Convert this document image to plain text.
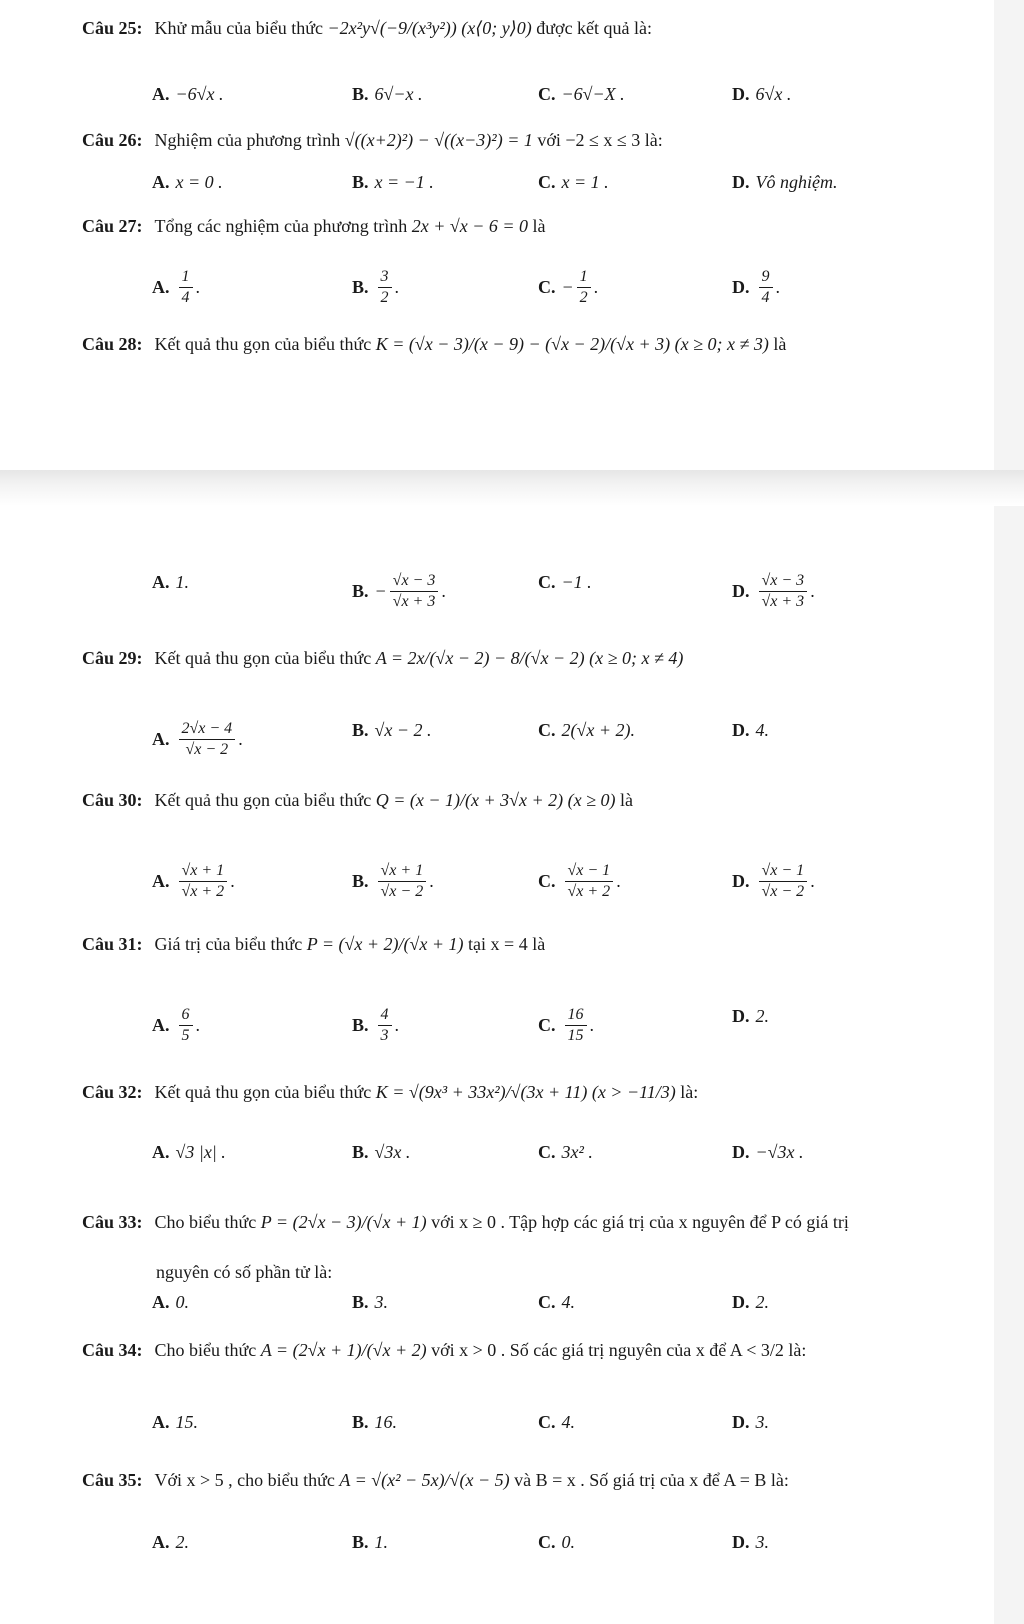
Câu 25: Khử mẫu của biểu thức −2x²y√(−9/(x³y²)) (x⟨0; y⟩0) được kết quả là:
A. −6√x .	B. 6√−x .	C. −6√−X .	D. 6√x .
Câu 26: Nghiệm của phương trình √((x+2)²) − √((x−3)²) = 1 với −2 ≤ x ≤ 3 là:
A. x = 0 .	B. x = −1 .	C. x = 1 .	D. Vô nghiệm.
Câu 27: Tổng các nghiệm của phương trình 2x + √x − 6 = 0 là
A. $\frac{1}{4}$ .	B. $\frac{3}{2}$ .	C. − $\frac{1}{2}$ .	D. $\frac{9}{4}$ .
Câu 28: Kết quả thu gọn của biểu thức K = (√x − 3)/(x − 9) − (√x − 2)/(√x + 3) (x ≥ 0; x ≠ 3) là
A. 1.	B. − $\frac{√x - 3}{√x + 3}$ .	C. −1 .	D. $\frac{√x - 3}{√x + 3}$ .
Câu 29: Kết quả thu gọn của biểu thức A = 2x/(√x − 2) − 8/(√x − 2) (x ≥ 0; x ≠ 4)
A. $\frac{2√x - 4}{√x - 2}$ .	B. √x − 2 .	C. 2(√x + 2).	D. 4.
Câu 30: Kết quả thu gọn của biểu thức Q = (x − 1)/(x + 3√x + 2) (x ≥ 0) là
A. $\frac{√x + 1}{√x + 2}$ .	B. $\frac{√x + 1}{√x - 2}$ .	C. $\frac{√x - 1}{√x + 2}$ .	D. $\frac{√x - 1}{√x - 2}$ .
Câu 31: Giá trị của biểu thức P = (√x + 2)/(√x + 1) tại x = 4 là
A. $\frac{6}{5}$ .	B. $\frac{4}{3}$ .	C. $\frac{16}{15}$ .	D. 2.
Câu 32: Kết quả thu gọn của biểu thức K = √(9x³ + 33x²)/√(3x + 11) (x > −11/3) là:
A. √3 |x| .	B. √3x .	C. 3x² .	D. −√3x .
Câu 33: Cho biểu thức P = (2√x − 3)/(√x + 1) với x ≥ 0 . Tập hợp các giá trị của x nguyên để P có giá trị
nguyên có số phần tử là:
A. 0.	B. 3.	C. 4.	D. 2.
Câu 34: Cho biểu thức A = (2√x + 1)/(√x + 2) với x > 0 . Số các giá trị nguyên của x để A < 3/2 là:
A. 15.	B. 16.	C. 4.	D. 3.
Câu 35: Với x > 5 , cho biểu thức A = √(x² − 5x)/√(x − 5) và B = x . Số giá trị của x để A = B là:
A. 2.	B. 1.	C. 0.	D. 3.
